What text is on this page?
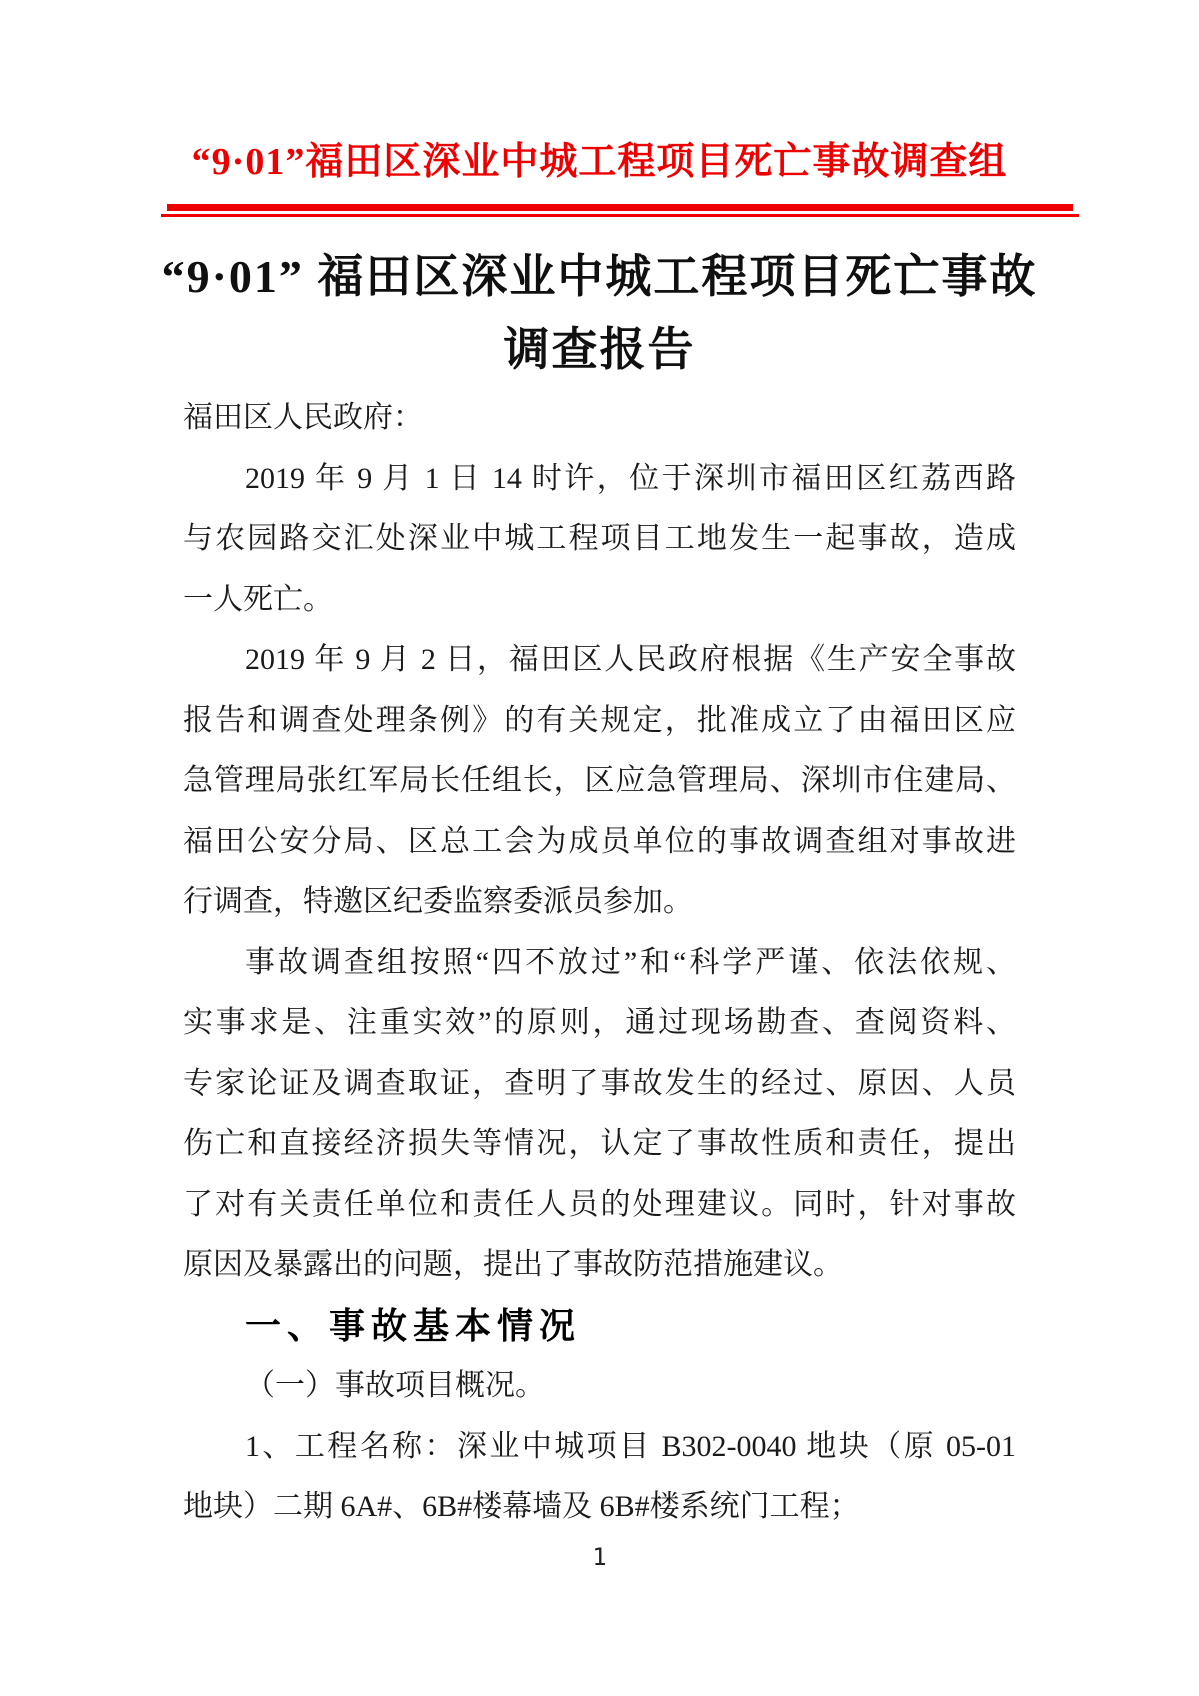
“9·01”福田区深业中城工程项目死亡事故调查组
“9·01” 福田区深业中城工程项目死亡事故
调查报告
福田区人民政府：
2019 年 9 月 1 日 14 时许，位于深圳市福田区红荔西路
与农园路交汇处深业中城工程项目工地发生一起事故，造成
一人死亡。
2019 年 9 月 2 日，福田区人民政府根据《生产安全事故
报告和调查处理条例》的有关规定，批准成立了由福田区应
急管理局张红军局长任组长，区应急管理局、深圳市住建局、
福田公安分局、区总工会为成员单位的事故调查组对事故进
行调查，特邀区纪委监察委派员参加。
事故调查组按照“四不放过”和“科学严谨、依法依规、
实事求是、注重实效”的原则，通过现场勘查、查阅资料、
专家论证及调查取证，查明了事故发生的经过、原因、人员
伤亡和直接经济损失等情况，认定了事故性质和责任，提出
了对有关责任单位和责任人员的处理建议。同时，针对事故
原因及暴露出的问题，提出了事故防范措施建议。
一、事故基本情况
（一）事故项目概况。
1、工程名称：深业中城项目 B302-0040 地块（原 05-01
地块）二期 6A#、6B#楼幕墙及 6B#楼系统门工程；
1
